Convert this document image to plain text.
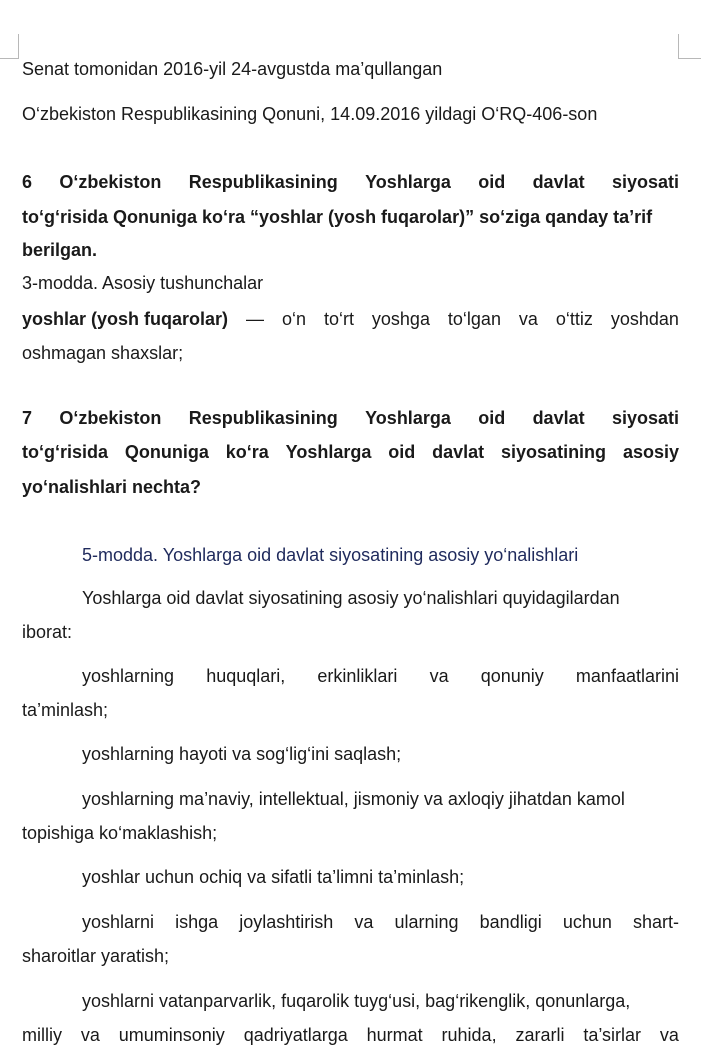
Senat tomonidan 2016-yil 24-avgustda ma’qullangan
O‘zbekiston Respublikasining Qonuni, 14.09.2016 yildagi O‘RQ-406-son
6 O‘zbekiston Respublikasining Yoshlarga oid davlat siyosati
to‘g‘risida Qonuniga ko‘ra “yoshlar (yosh fuqarolar)” so‘ziga qanday ta’rif
berilgan.
3-modda. Asosiy tushunchalar
yoshlar (yosh fuqarolar) — o‘n to‘rt yoshga to‘lgan va o‘ttiz yoshdan
oshmagan shaxslar;
7 O‘zbekiston Respublikasining Yoshlarga oid davlat siyosati
to‘g‘risida Qonuniga ko‘ra Yoshlarga oid davlat siyosatining asosiy
yo‘nalishlari nechta?
5-modda. Yoshlarga oid davlat siyosatining asosiy yo‘nalishlari
Yoshlarga oid davlat siyosatining asosiy yo‘nalishlari quyidagilardan
iborat:
yoshlarning huquqlari, erkinliklari va qonuniy manfaatlarini
ta’minlash;
yoshlarning hayoti va sog‘lig‘ini saqlash;
yoshlarning ma’naviy, intellektual, jismoniy va axloqiy jihatdan kamol
topishiga ko‘maklashish;
yoshlar uchun ochiq va sifatli ta’limni ta’minlash;
yoshlarni ishga joylashtirish va ularning bandligi uchun shart-
sharoitlar yaratish;
yoshlarni vatanparvarlik, fuqarolik tuyg‘usi, bag‘rikenglik, qonunlarga,
milliy va umuminsoniy qadriyatlarga hurmat ruhida, zararli ta’sirlar va
